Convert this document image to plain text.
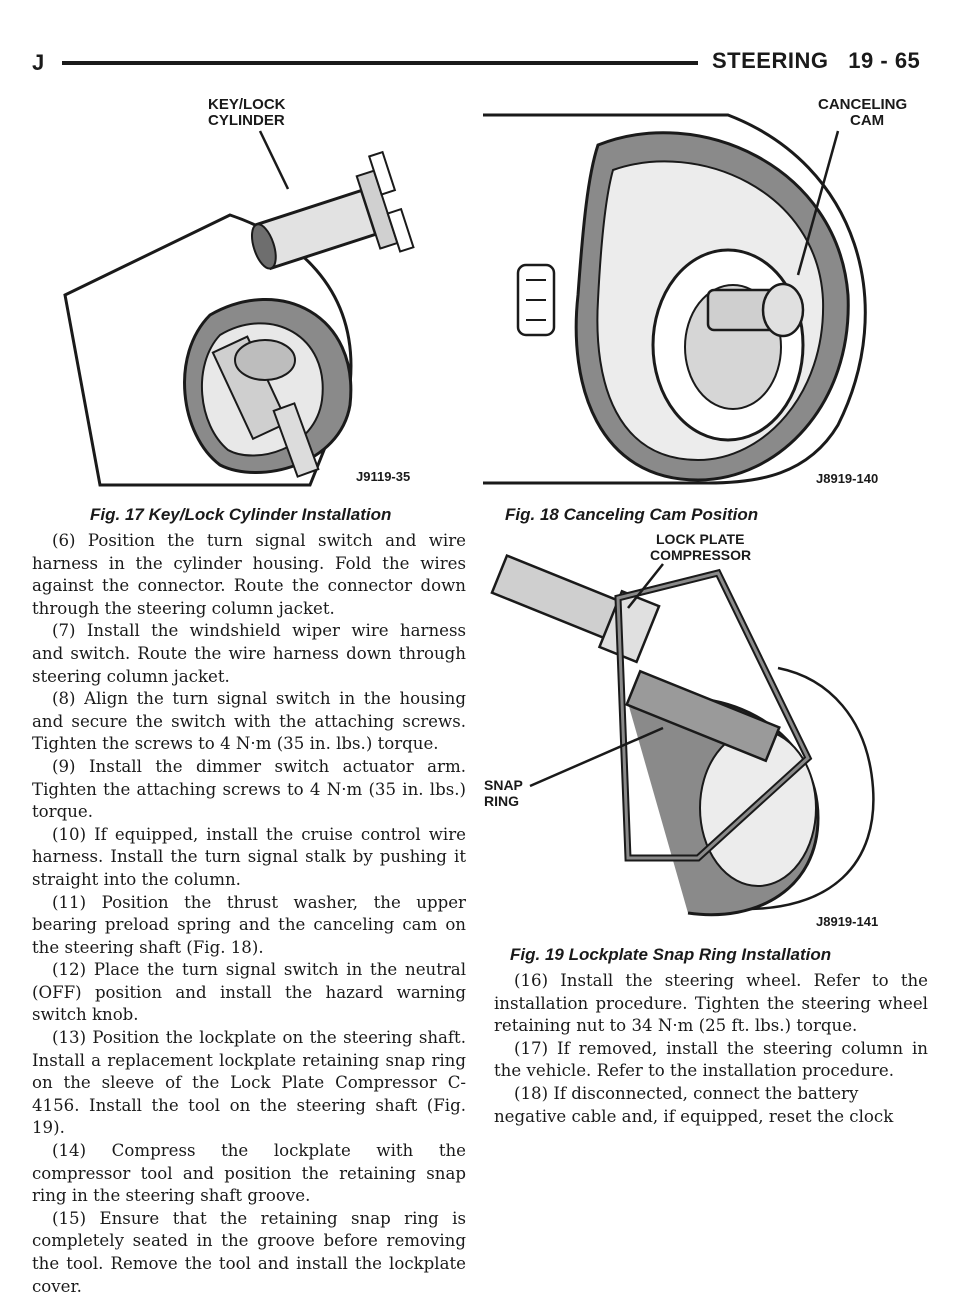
J	STEERING   19 - 65
KEY/LOCK
CYLINDER
J9119-35
Fig. 17 Key/Lock Cylinder Installation
CANCELING
CAM
J8919-140
Fig. 18 Canceling Cam Position
LOCK PLATE
COMPRESSOR
SNAP
RING
J8919-141
Fig. 19 Lockplate Snap Ring Installation

(6) Position the turn signal switch and wire harness in the cylinder housing. Fold the wires against the connector. Route the connector down through the steering column jacket.

(7) Install the windshield wiper wire harness and switch. Route the wire harness down through steering column jacket.

(8) Align the turn signal switch in the housing and secure the switch with the attaching screws. Tighten the screws to 4 N·m (35 in. lbs.) torque.

(9) Install the dimmer switch actuator arm. Tighten the attaching screws to 4 N·m (35 in. lbs.) torque.

(10) If equipped, install the cruise control wire harness. Install the turn signal stalk by pushing it straight into the column.

(11) Position the thrust washer, the upper bearing preload spring and the canceling cam on the steering shaft (Fig. 18).

(12) Place the turn signal switch in the neutral (OFF) position and install the hazard warning switch knob.

(13) Position the lockplate on the steering shaft. Install a replacement lockplate retaining snap ring on the sleeve of the Lock Plate Compressor C-4156. Install the tool on the steering shaft (Fig. 19).

(14) Compress the lockplate with the compressor tool and position the retaining snap ring in the steering shaft groove.

(15) Ensure that the retaining snap ring is completely seated in the groove before removing the tool. Remove the tool and install the lockplate cover.

(16) Install the steering wheel. Refer to the installation procedure. Tighten the steering wheel retaining nut to 34 N·m (25 ft. lbs.) torque.

(17) If removed, install the steering column in the vehicle. Refer to the installation procedure.

(18) If disconnected, connect the battery negative cable and, if equipped, reset the clock
